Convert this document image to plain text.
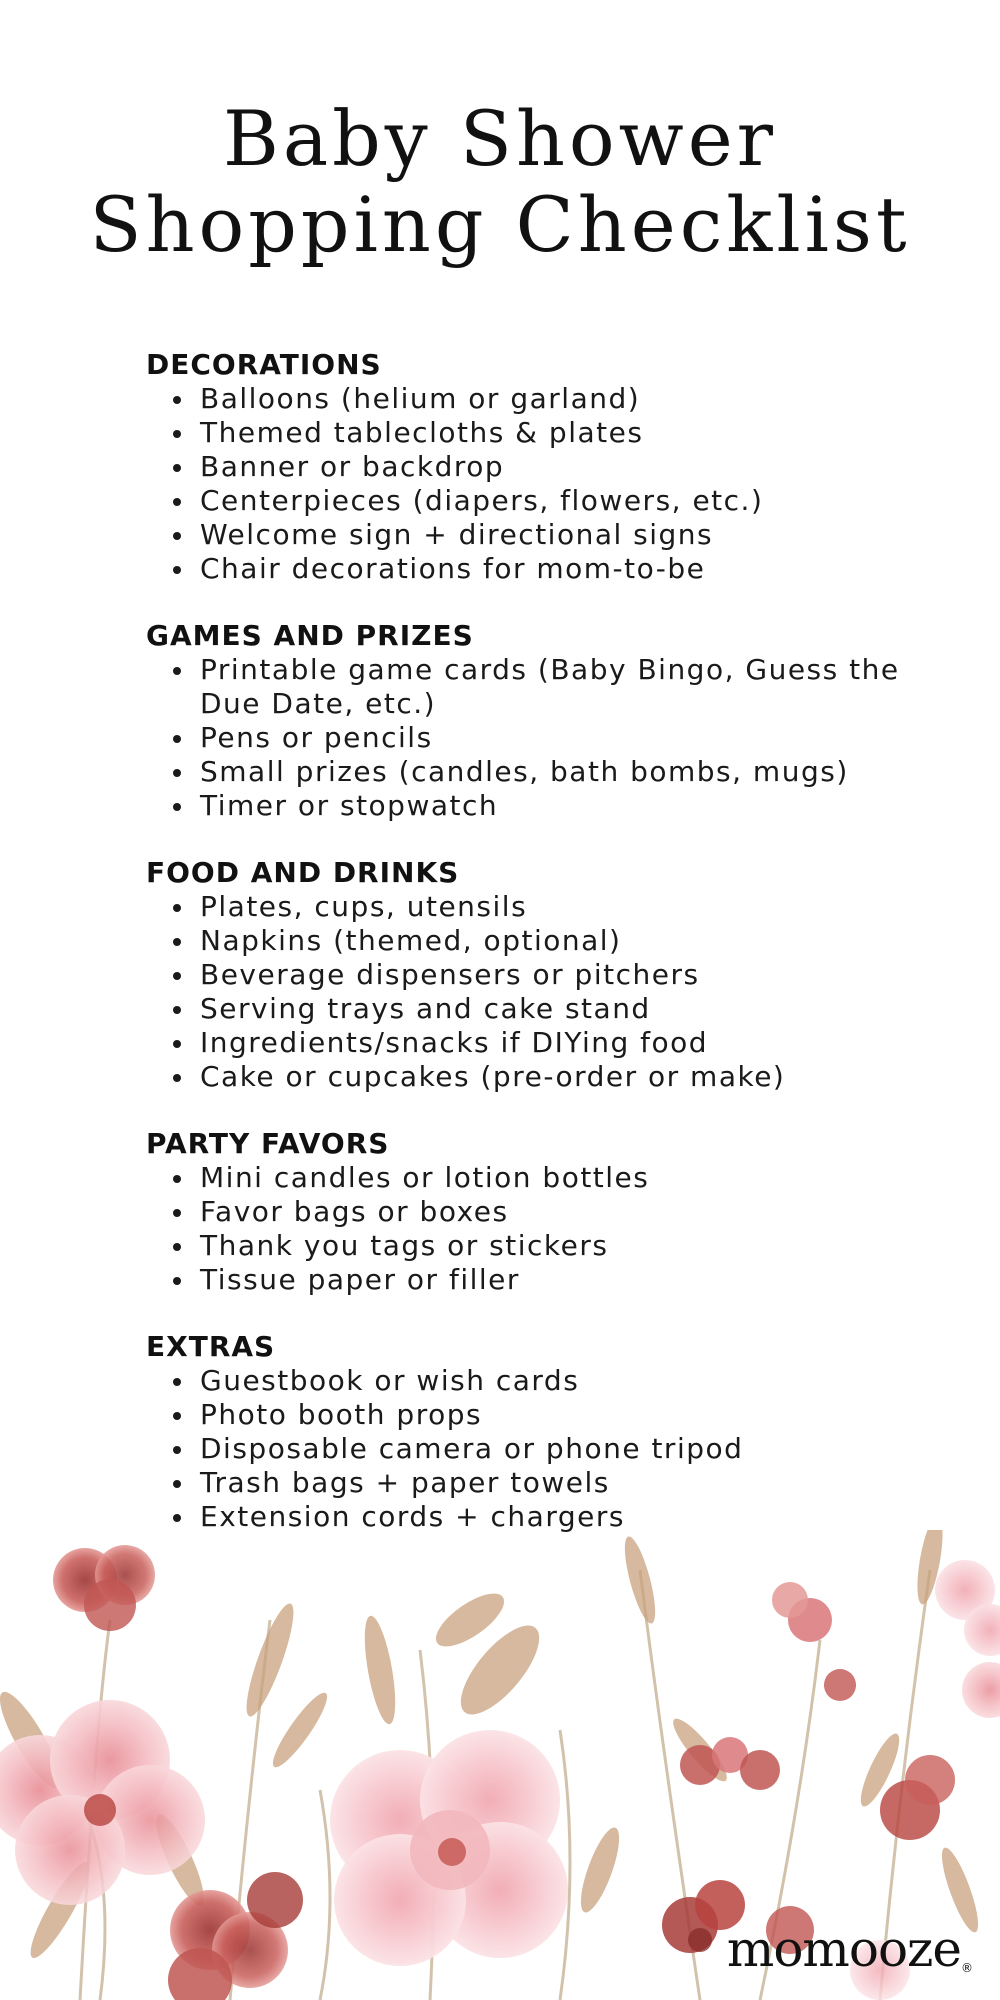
Baby Shower
Shopping Checklist
DECORATIONS
Balloons (helium or garland)
Themed tablecloths & plates
Banner or backdrop
Centerpieces (diapers, flowers, etc.)
Welcome sign + directional signs
Chair decorations for mom-to-be
GAMES AND PRIZES
Printable game cards (Baby Bingo, Guess the Due Date, etc.)
Pens or pencils
Small prizes (candles, bath bombs, mugs)
Timer or stopwatch
FOOD AND DRINKS
Plates, cups, utensils
Napkins (themed, optional)
Beverage dispensers or pitchers
Serving trays and cake stand
Ingredients/snacks if DIYing food
Cake or cupcakes (pre-order or make)
PARTY FAVORS
Mini candles or lotion bottles
Favor bags or boxes
Thank you tags or stickers
Tissue paper or filler
EXTRAS
Guestbook or wish cards
Photo booth props
Disposable camera or phone tripod
Trash bags + paper towels
Extension cords + chargers
momooze®
